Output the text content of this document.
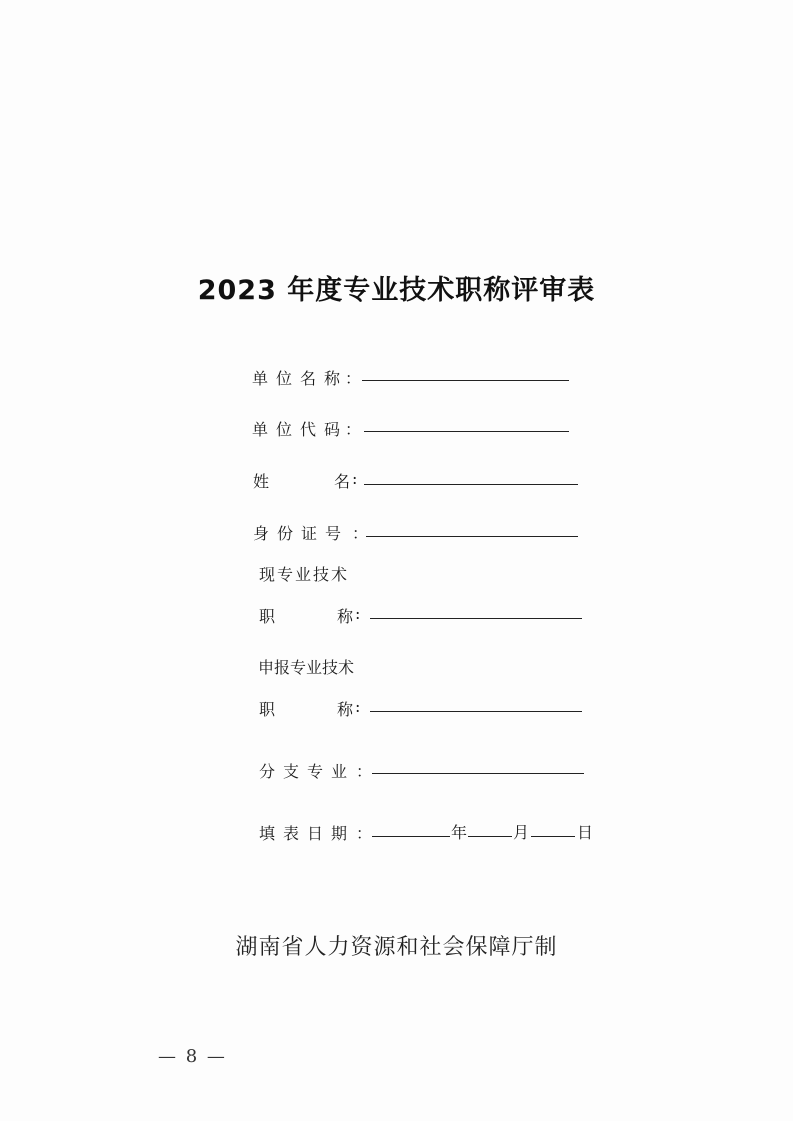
2023 年度专业技术职称评审表
单位名称
：
单位代码
：
姓	名 :
身份证号 ：
现专业技术
职	称 :
申报专业技术
职	称 :
分支专业 ：
填表日期 ：	年	月	日
湖南省人力资源和社会保障厅制
— 8 —
